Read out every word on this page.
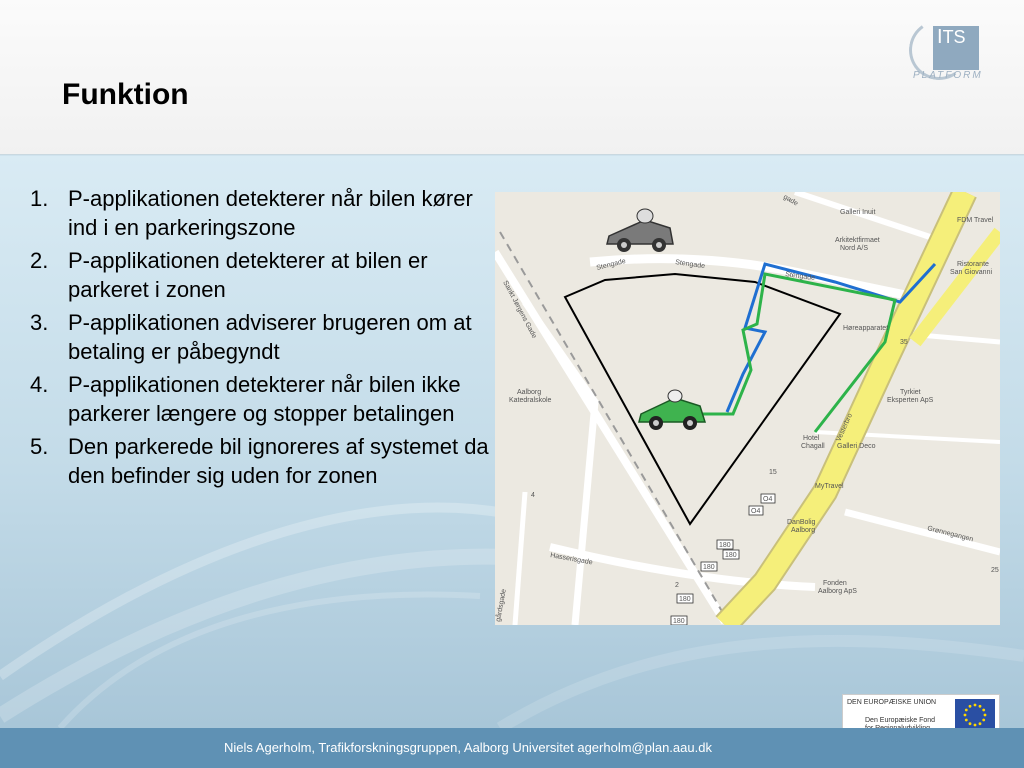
Funktion
ITS
PLATFORM
1. P-applikationen detekterer når bilen kører ind i en parkeringszone
2. P-applikationen detekterer at bilen er parkeret i zonen
3. P-applikationen adviserer brugeren om at betaling er påbegyndt
4. P-applikationen detekterer når bilen ikke parkerer længere og stopper betalingen
5. Den parkerede bil ignoreres af systemet da den befinder sig uden for zonen
Stengade	Stengade
Stengade
gade
Sankt Jørgens Gade
Hasserisgade
Grønnegangen
Vesterbro
gårdsgade
Galleri Inuit
FDM Travel
Arkitektfirmaet
Nord A/S
Ristorante
San Giovanni
Høreapparatet
Aalborg
Katedralskole
Tyrkiet
Eksperten ApS
Hotel
Chagall Galleri Deco
MyTravel
DanBolig
Aalborg
Fonden
Aalborg ApS
4
2
15
35
25
180
180
180
180
180
O4
O4
DEN EUROPÆISKE UNION
Den Europæiske Fond
Niels Agerholm, Trafikforskningsgruppen, Aalborg Universitet agerholm@plan.aau.dk
